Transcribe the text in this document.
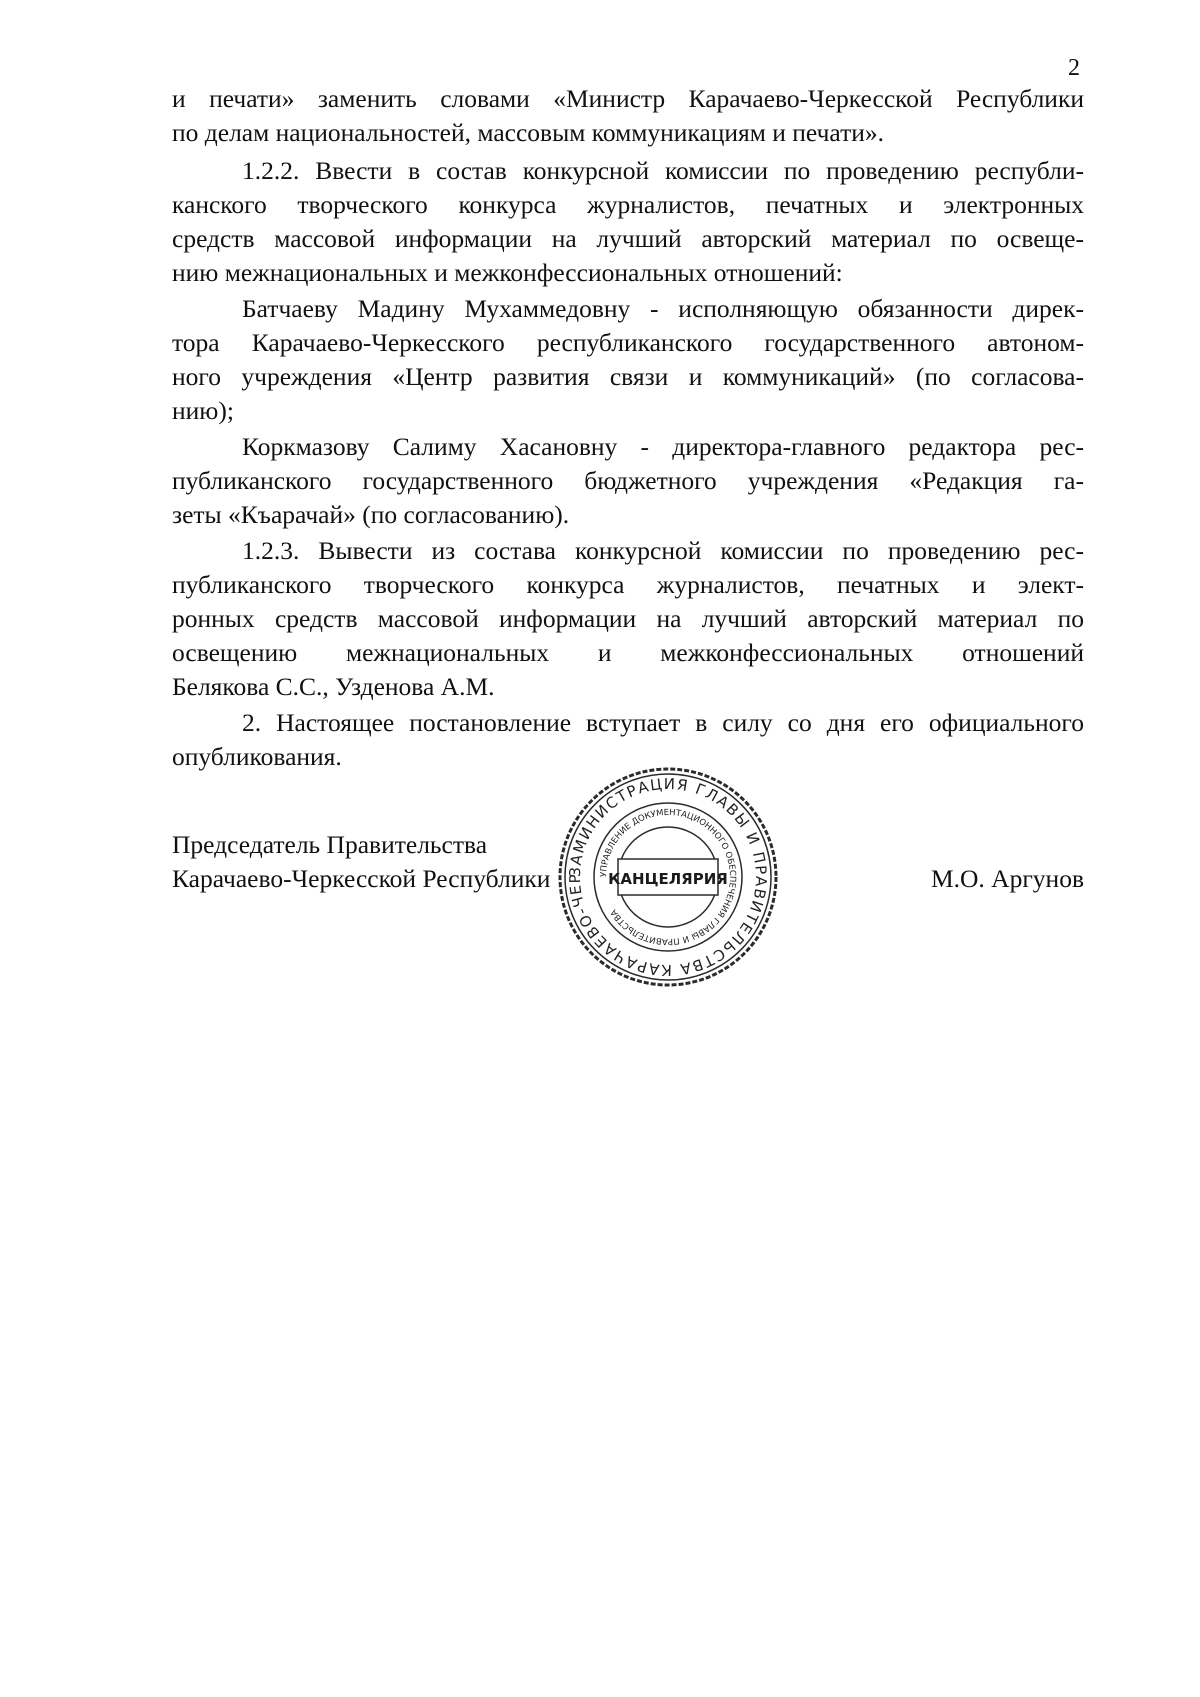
2
и печати» заменить словами «Министр Карачаево-Черкесской Республики
по делам национальностей, массовым коммуникациям и печати».
1.2.2. Ввести в состав конкурсной комиссии по проведению республи-
канского творческого конкурса журналистов, печатных и электронных
средств массовой информации на лучший авторский материал по освеще-
нию межнациональных и межконфессиональных отношений:
Батчаеву Мадину Мухаммедовну - исполняющую обязанности дирек-
тора Карачаево-Черкесского республиканского государственного автоном-
ного учреждения «Центр развития связи и коммуникаций» (по согласова-
нию);
Коркмазову Салиму Хасановну - директора-главного редактора рес-
публиканского государственного бюджетного учреждения «Редакция га-
зеты «Къарачай» (по согласованию).
1.2.3. Вывести из состава конкурсной комиссии по проведению рес-
публиканского творческого конкурса журналистов, печатных и элект-
ронных средств массовой информации на лучший авторский материал по
освещению межнациональных и межконфессиональных отношений
Белякова С.С., Узденова А.М.
2. Настоящее постановление вступает в силу со дня его официального
опубликования.
Председатель Правительства
Карачаево-Черкесской Республики	М.О. Аргунов
ЗАМИНИСТРАЦИЯ ГЛАВЫ И ПРАВИТЕЛЬСТВА КАРАЧАЕВО-ЧЕР	УПРАВЛЕНИЕ ДОКУМЕНТАЦИОННОГО ОБЕСПЕЧЕНИЯ ГЛАВЫ И ПРАВИТЕЛЬСТВА
КАНЦЕЛЯРИЯ
